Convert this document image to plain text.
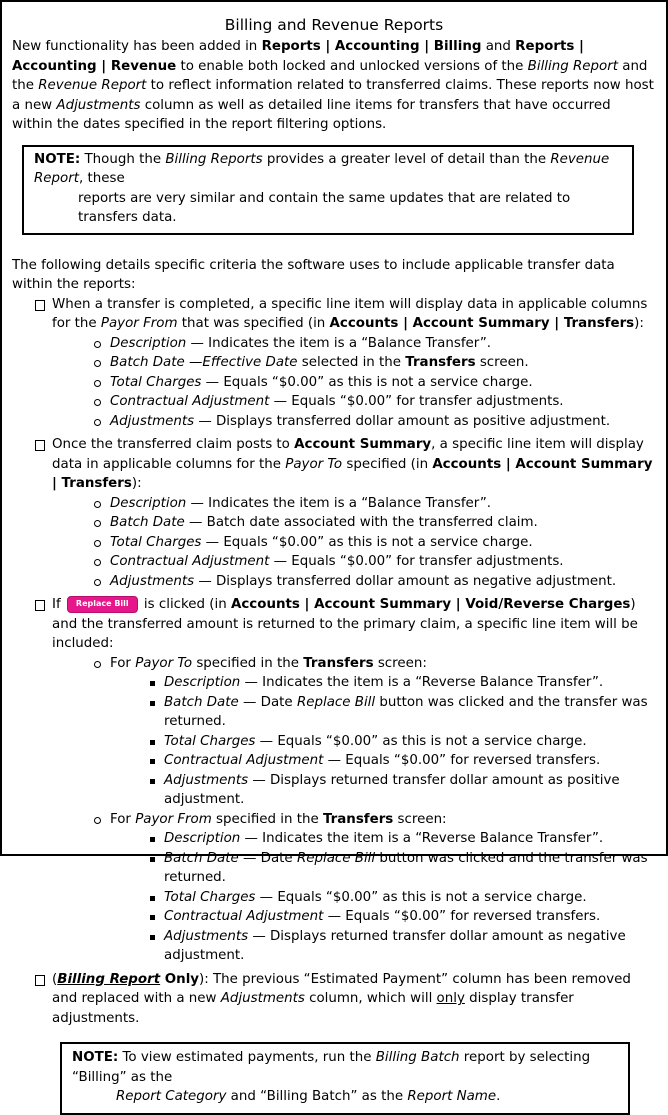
Billing and Revenue Reports
New functionality has been added in Reports | Accounting | Billing and Reports | Accounting | Revenue to enable both locked and unlocked versions of the Billing Report and the Revenue Report to reflect information related to transferred claims. These reports now host a new Adjustments column as well as detailed line items for transfers that have occurred within the dates specified in the report filtering options.
NOTE: Though the Billing Reports provides a greater level of detail than the Revenue Report, these
reports are very similar and contain the same updates that are related to transfers data.
The following details specific criteria the software uses to include applicable transfer data within the reports:
When a transfer is completed, a specific line item will display data in applicable columns for the Payor From that was specified (in Accounts | Account Summary | Transfers):
Description — Indicates the item is a “Balance Transfer”.
Batch Date —Effective Date selected in the Transfers screen.
Total Charges — Equals “$0.00” as this is not a service charge.
Contractual Adjustment — Equals “$0.00” for transfer adjustments.
Adjustments — Displays transferred dollar amount as positive adjustment.
Once the transferred claim posts to Account Summary, a specific line item will display data in applicable columns for the Payor To specified (in Accounts | Account Summary | Transfers):
Description — Indicates the item is a “Balance Transfer”.
Batch Date — Batch date associated with the transferred claim.
Total Charges — Equals “$0.00” as this is not a service charge.
Contractual Adjustment — Equals “$0.00” for transfer adjustments.
Adjustments — Displays transferred dollar amount as negative adjustment.
If Replace Bill is clicked (in Accounts | Account Summary | Void/Reverse Charges) and the transferred amount is returned to the primary claim, a specific line item will be included:
For Payor To specified in the Transfers screen:
Description — Indicates the item is a “Reverse Balance Transfer”.
Batch Date — Date Replace Bill button was clicked and the transfer was returned.
Total Charges — Equals “$0.00” as this is not a service charge.
Contractual Adjustment — Equals “$0.00” for reversed transfers.
Adjustments — Displays returned transfer dollar amount as positive adjustment.
For Payor From specified in the Transfers screen:
Description — Indicates the item is a “Reverse Balance Transfer”.
Batch Date — Date Replace Bill button was clicked and the transfer was returned.
Total Charges — Equals “$0.00” as this is not a service charge.
Contractual Adjustment — Equals “$0.00” for reversed transfers.
Adjustments — Displays returned transfer dollar amount as negative adjustment.
(Billing Report Only): The previous “Estimated Payment” column has been removed and replaced with a new Adjustments column, which will only display transfer adjustments.
NOTE: To view estimated payments, run the Billing Batch report by selecting “Billing” as the
Report Category and “Billing Batch” as the Report Name.
